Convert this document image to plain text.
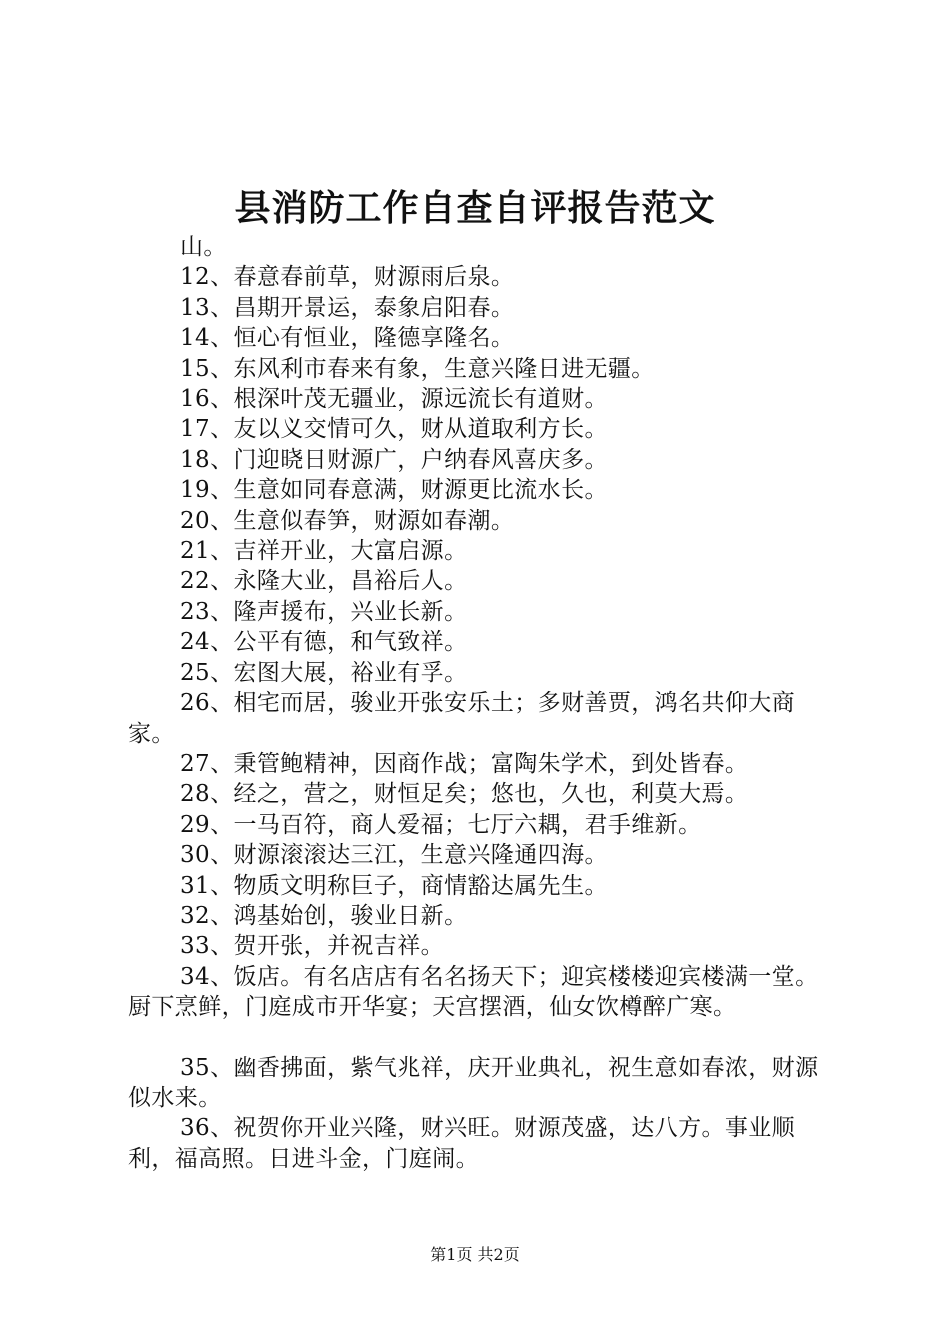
县消防工作自查自评报告范文

山。

12、春意春前草，财源雨后泉。

13、昌期开景运，泰象启阳春。

14、恒心有恒业，隆德享隆名。

15、东风利市春来有象，生意兴隆日进无疆。

16、根深叶茂无疆业，源远流长有道财。

17、友以义交情可久，财从道取利方长。

18、门迎晓日财源广，户纳春风喜庆多。

19、生意如同春意满，财源更比流水长。

20、生意似春笋，财源如春潮。

21、吉祥开业，大富启源。

22、永隆大业，昌裕后人。

23、隆声援布，兴业长新。

24、公平有德，和气致祥。

25、宏图大展，裕业有孚。

26、相宅而居，骏业开张安乐土；多财善贾，鸿名共仰大商家。

27、秉管鲍精神，因商作战；富陶朱学术，到处皆春。

28、经之，营之，财恒足矣；悠也，久也，利莫大焉。

29、一马百符，商人爱福；七厅六耦，君手维新。

30、财源滚滚达三江，生意兴隆通四海。

31、物质文明称巨子，商情豁达属先生。

32、鸿基始创，骏业日新。

33、贺开张，并祝吉祥。

34、饭店。有名店店有名名扬天下；迎宾楼楼迎宾楼满一堂。厨下烹鲜，门庭成市开华宴；天宫摆酒，仙女饮樽醉广寒。

35、幽香拂面，紫气兆祥，庆开业典礼，祝生意如春浓，财源似水来。

36、祝贺你开业兴隆，财兴旺。财源茂盛，达八方。事业顺利，福高照。日进斗金，门庭闹。

第1页 共2页
